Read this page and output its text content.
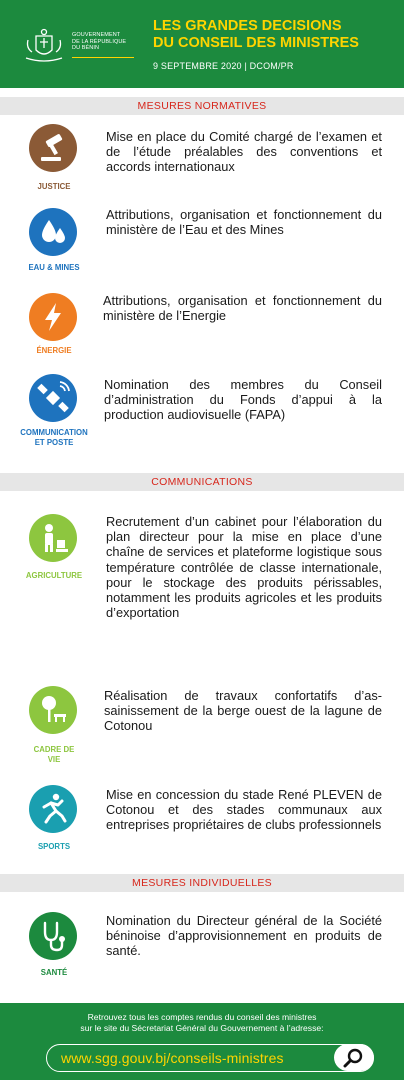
GOUVERNEMENT
DE LA RÉPUBLIQUE
DU BÉNIN
LES GRANDES DECISIONS
DU CONSEIL DES MINISTRES
9 SEPTEMBRE 2020 | DCOM/PR
MESURES NORMATIVES
JUSTICE
Mise en place du Comité chargé de l’examen et de l’étude préalables des conventions et accords internationaux
EAU & MINES
Attributions, organisation et fonctionnement du ministère de l’Eau et des Mines
ÉNERGIE
Attributions, organisation et fonctionnement du ministère de l’Energie
COMMUNICATION
ET POSTE
Nomination des membres du Conseil d’administration du Fonds d’appui à la production audiovisuelle (FAPA)
COMMUNICATIONS
AGRICULTURE
Recrutement d’un cabinet pour l’élaboration du plan directeur pour la mise en place d’une chaîne de services et plateforme logistique sous température contrôlée de classe internationale, pour le stockage des produits périssables, notamment les produits agricoles et les produits d’exportation
CADRE DE
VIE
Réalisation de travaux confortatifs d’as-sainissement de la berge ouest de la lagune de Cotonou
SPORTS
Mise en concession du stade René PLEVEN de Cotonou et des stades communaux aux entreprises propriétaires de clubs professionnels
MESURES INDIVIDUELLES
SANTÉ
Nomination du Directeur général de la Société béninoise d’approvisionnement en produits de santé.
Retrouvez tous les comptes rendus du conseil des ministres
sur le site du Sécretariat Général du Gouvernement à l’adresse:
www.sgg.gouv.bj/conseils-ministres
